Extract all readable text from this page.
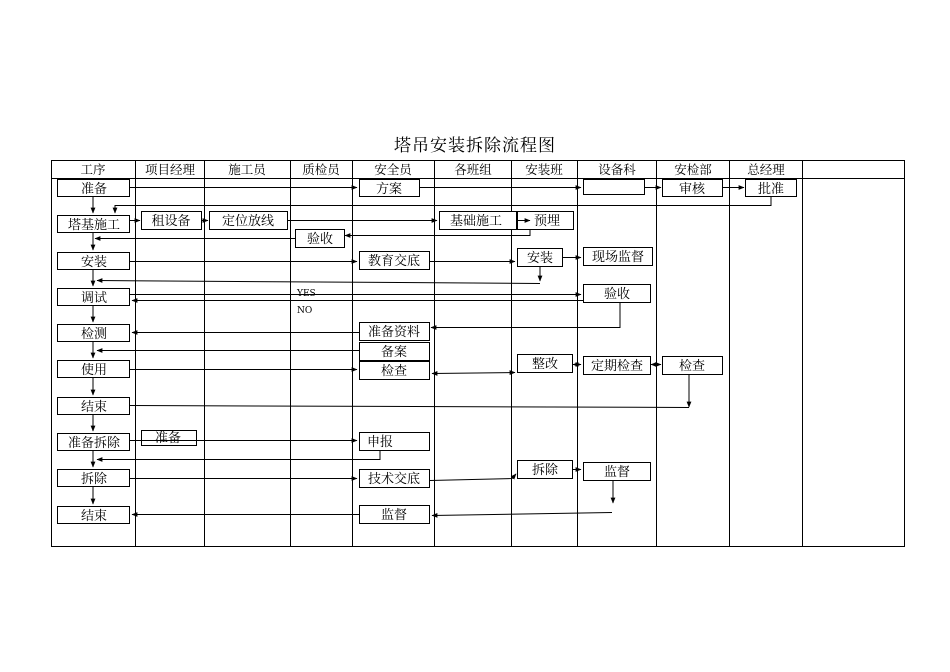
塔吊安装拆除流程图
工序	项目经理	施工员	质检员	安全员	各班组	安装班	设备科	安检部	总经理
准备
塔基施工
安装
调试
检测
使用
结束
准备拆除
拆除
结束
租设备
准备
定位放线
验收
方案
教育交底
准备资料
备案
检查
申报
技术交底
监督
基础施工 预埋
安装
整改
拆除
现场监督
验收
定期检查
监督
审核
检查
批准
YES
NO
